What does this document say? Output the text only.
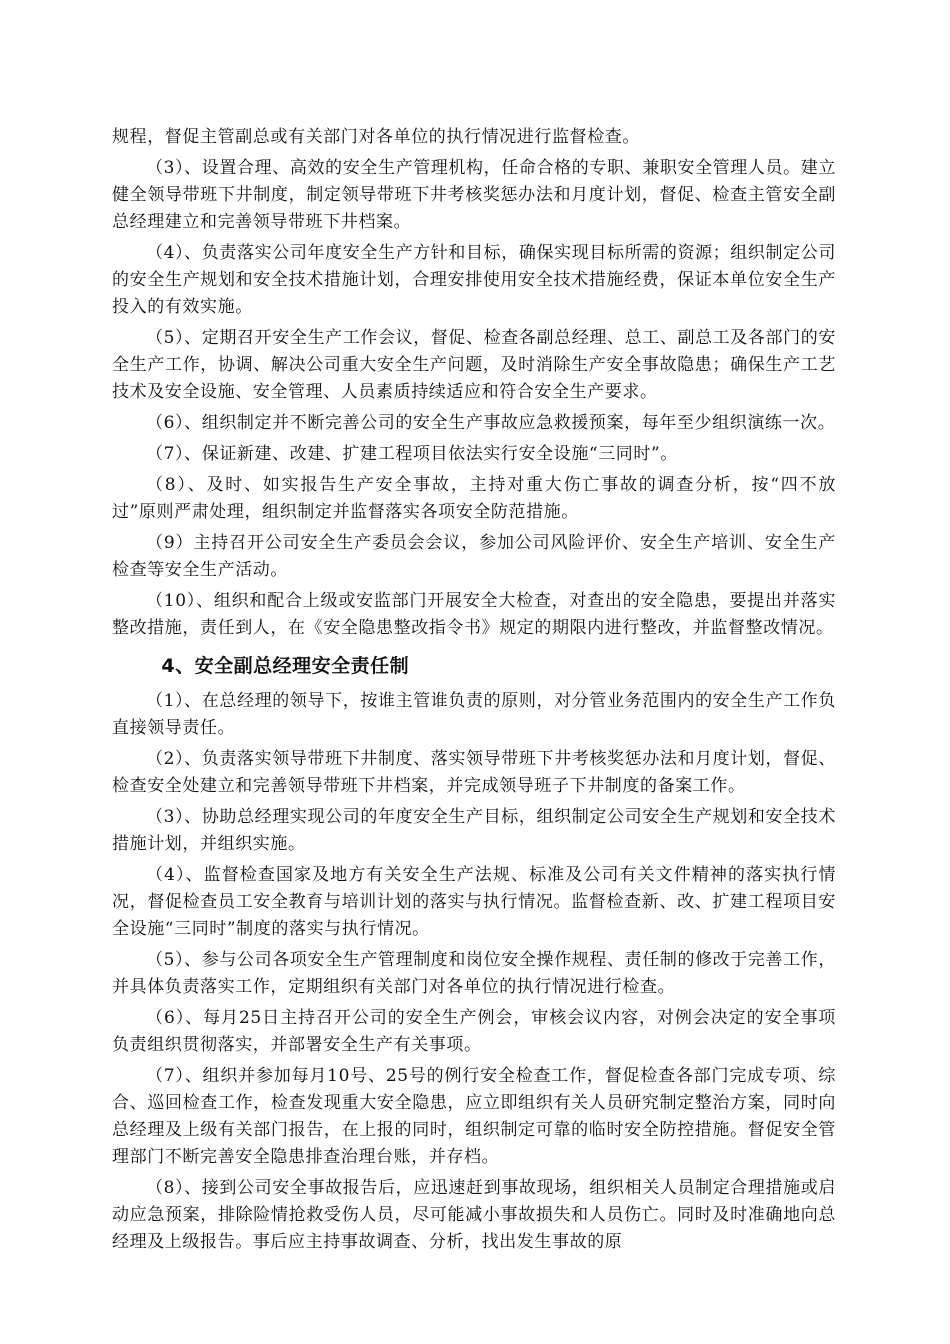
规程，督促主管副总或有关部门对各单位的执行情况进行监督检查。

（3）、设置合理、高效的安全生产管理机构，任命合格的专职、兼职安全管理人员。建立健全领导带班下井制度，制定领导带班下井考核奖惩办法和月度计划，督促、检查主管安全副总经理建立和完善领导带班下井档案。

（4）、负责落实公司年度安全生产方针和目标，确保实现目标所需的资源；组织制定公司的安全生产规划和安全技术措施计划，合理安排使用安全技术措施经费，保证本单位安全生产投入的有效实施。

（5）、定期召开安全生产工作会议，督促、检查各副总经理、总工、副总工及各部门的安全生产工作，协调、解决公司重大安全生产问题，及时消除生产安全事故隐患；确保生产工艺技术及安全设施、安全管理、人员素质持续适应和符合安全生产要求。

（6）、组织制定并不断完善公司的安全生产事故应急救援预案，每年至少组织演练一次。

（7）、保证新建、改建、扩建工程项目依法实行安全设施“三同时”。

（8）、及时、如实报告生产安全事故，主持对重大伤亡事故的调查分析，按“四不放过”原则严肃处理，组织制定并监督落实各项安全防范措施。

（9）主持召开公司安全生产委员会会议，参加公司风险评价、安全生产培训、安全生产检查等安全生产活动。

（10）、组织和配合上级或安监部门开展安全大检查，对查出的安全隐患，要提出并落实整改措施，责任到人，在《安全隐患整改指令书》规定的期限内进行整改，并监督整改情况。

4、安全副总经理安全责任制

（1）、在总经理的领导下，按谁主管谁负责的原则，对分管业务范围内的安全生产工作负直接领导责任。

（2）、负责落实领导带班下井制度、落实领导带班下井考核奖惩办法和月度计划，督促、检查安全处建立和完善领导带班下井档案，并完成领导班子下井制度的备案工作。

（3）、协助总经理实现公司的年度安全生产目标，组织制定公司安全生产规划和安全技术措施计划，并组织实施。

（4）、监督检查国家及地方有关安全生产法规、标准及公司有关文件精神的落实执行情况，督促检查员工安全教育与培训计划的落实与执行情况。监督检查新、改、扩建工程项目安全设施“三同时”制度的落实与执行情况。

（5）、参与公司各项安全生产管理制度和岗位安全操作规程、责任制的修改于完善工作，并具体负责落实工作，定期组织有关部门对各单位的执行情况进行检查。

（6）、每月25日主持召开公司的安全生产例会，审核会议内容，对例会决定的安全事项负责组织贯彻落实，并部署安全生产有关事项。

（7）、组织并参加每月10号、25号的例行安全检查工作，督促检查各部门完成专项、综合、巡回检查工作，检查发现重大安全隐患，应立即组织有关人员研究制定整治方案，同时向总经理及上级有关部门报告，在上报的同时，组织制定可靠的临时安全防控措施。督促安全管理部门不断完善安全隐患排查治理台账，并存档。

（8）、接到公司安全事故报告后，应迅速赶到事故现场，组织相关人员制定合理措施或启动应急预案，排除险情抢救受伤人员，尽可能减小事故损失和人员伤亡。同时及时准确地向总经理及上级报告。事后应主持事故调查、分析，找出发生事故的原
